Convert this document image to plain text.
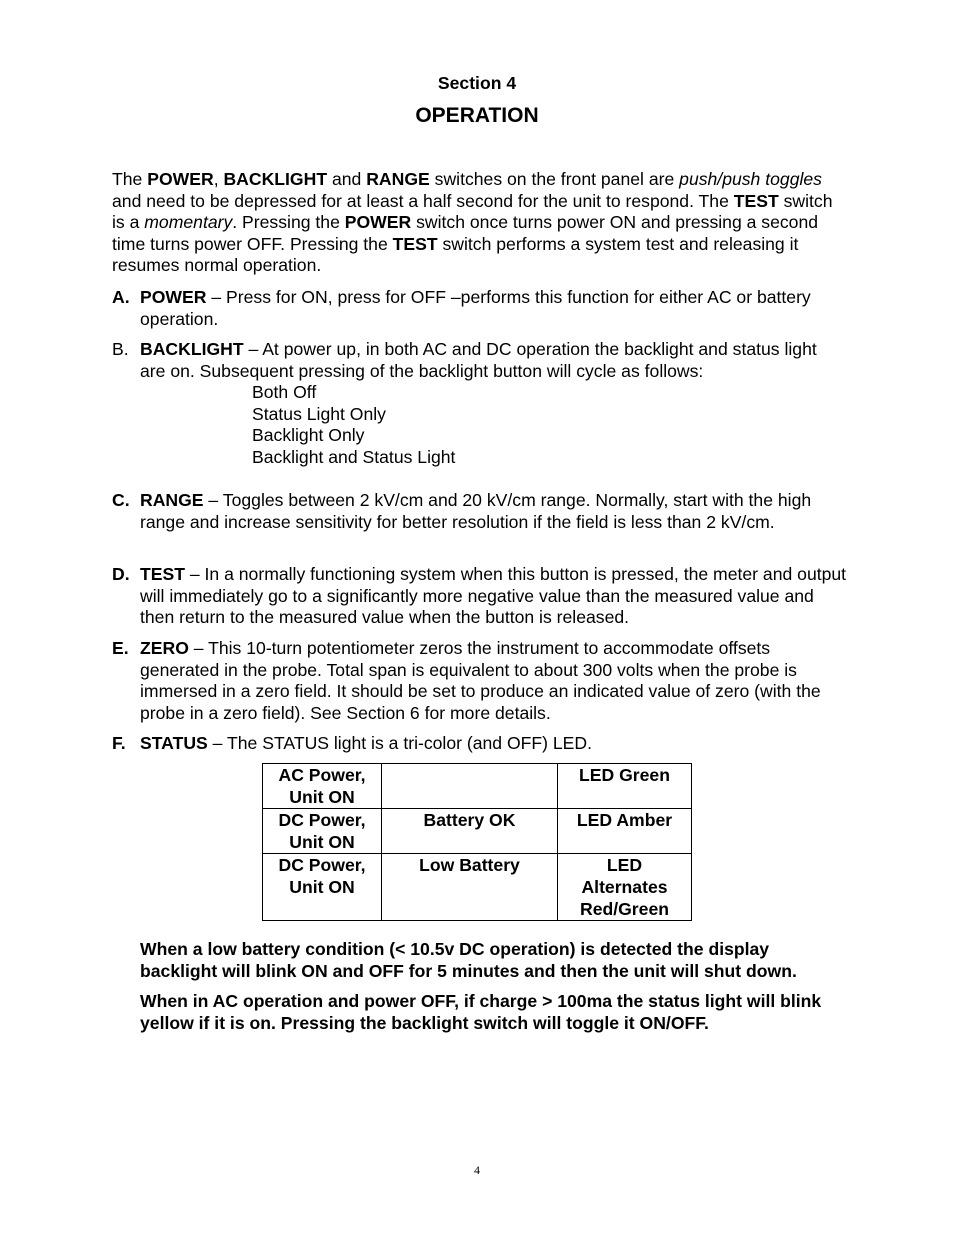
Section 4
OPERATION
The POWER, BACKLIGHT and RANGE switches on the front panel are push/push toggles and need to be depressed for at least a half second for the unit to respond. The TEST switch is a momentary. Pressing the POWER switch once turns power ON and pressing a second time turns power OFF. Pressing the TEST switch performs a system test and releasing it resumes normal operation.
A. POWER – Press for ON, press for OFF –performs this function for either AC or battery operation.
B. BACKLIGHT – At power up, in both AC and DC operation the backlight and status light are on. Subsequent pressing of the backlight button will cycle as follows:
Both Off
Status Light Only
Backlight Only
Backlight and Status Light
C. RANGE – Toggles between 2 kV/cm and 20 kV/cm range. Normally, start with the high range and increase sensitivity for better resolution if the field is less than 2 kV/cm.
D. TEST – In a normally functioning system when this button is pressed, the meter and output will immediately go to a significantly more negative value than the measured value and then return to the measured value when the button is released.
E. ZERO – This 10-turn potentiometer zeros the instrument to accommodate offsets generated in the probe. Total span is equivalent to about 300 volts when the probe is immersed in a zero field. It should be set to produce an indicated value of zero (with the probe in a zero field). See Section 6 for more details.
F. STATUS – The STATUS light is a tri-color (and OFF) LED.
AC Power, Unit ON		LED Green
DC Power, Unit ON	Battery OK	LED Amber
DC Power, Unit ON	Low Battery	LED Alternates Red/Green
When a low battery condition (< 10.5v DC operation) is detected the display backlight will blink ON and OFF for 5 minutes and then the unit will shut down.
When in AC operation and power OFF, if charge > 100ma the status light will blink yellow if it is on. Pressing the backlight switch will toggle it ON/OFF.
4
